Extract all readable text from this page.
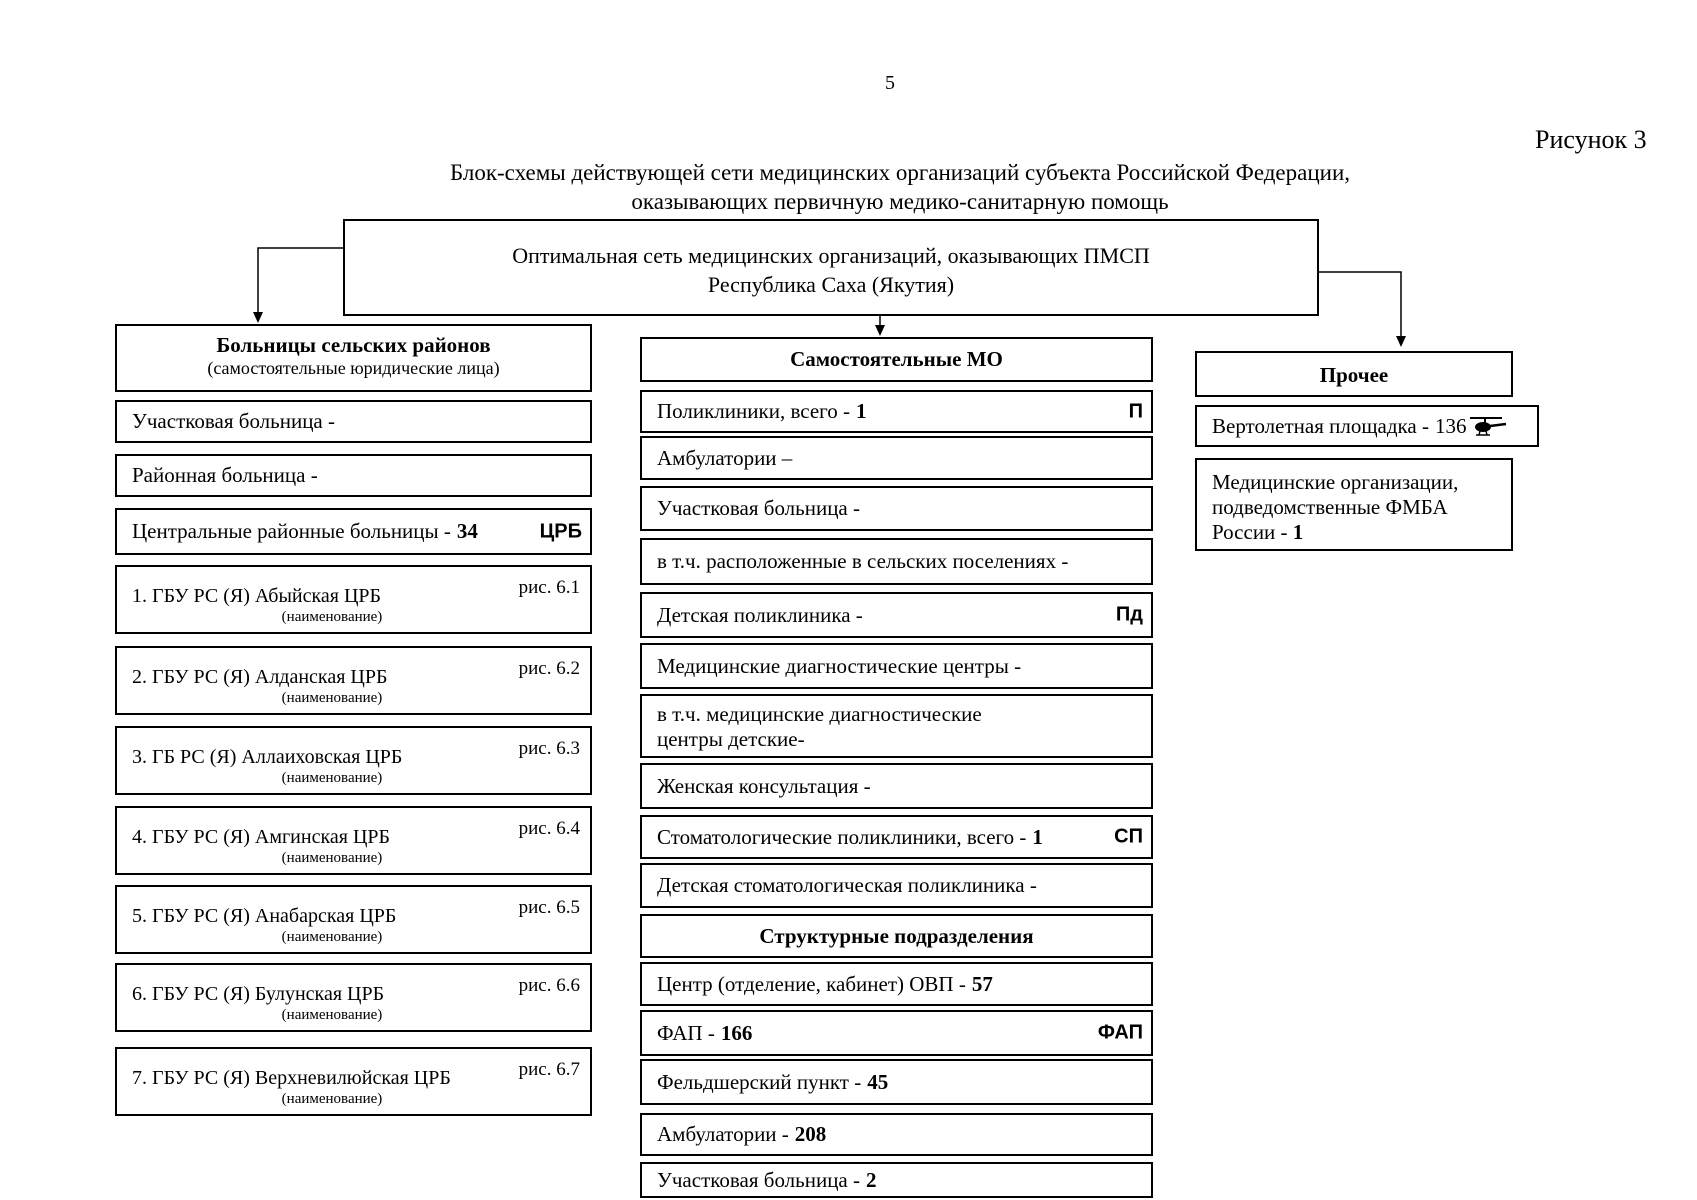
5
Рисунок 3
Блок-схемы действующей сети медицинских организаций субъекта Российской Федерации,
оказывающих первичную медико-санитарную помощь
Оптимальная сеть медицинских организаций, оказывающих ПМСП
Республика Саха (Якутия)
Больницы сельских районов
(самостоятельные юридические лица)
Участковая больница -
Районная больница -
Центральные районные больницы - 34	ЦРБ
1. ГБУ РС (Я) Абыйская ЦРБ
(наименование)
рис. 6.1
2. ГБУ РС (Я) Алданская ЦРБ
(наименование)
рис. 6.2
3. ГБ РС (Я) Аллаиховская ЦРБ
(наименование)
рис. 6.3
4. ГБУ РС (Я) Амгинская ЦРБ
(наименование)
рис. 6.4
5. ГБУ РС (Я) Анабарская ЦРБ
(наименование)
рис. 6.5
6. ГБУ РС (Я) Булунская ЦРБ
(наименование)
рис. 6.6
7. ГБУ РС (Я) Верхневилюйская ЦРБ
(наименование)
рис. 6.7
Самостоятельные МО
Поликлиники, всего - 1	П
Амбулатории –
Участковая больница -
в т.ч. расположенные в сельских поселениях -
Детская поликлиника -	Пд
Медицинские диагностические центры -
в т.ч. медицинские диагностические
центры детские-
Женская консультация -
Стоматологические поликлиники, всего - 1	СП
Детская стоматологическая поликлиника -
Структурные подразделения
Центр (отделение, кабинет) ОВП - 57
ФАП - 166	ФАП
Фельдшерский пункт - 45
Амбулатории - 208
Участковая больница - 2
Прочее
Вертолетная площадка - 136
Медицинские организации,
подведомственные ФМБА
России - 1
